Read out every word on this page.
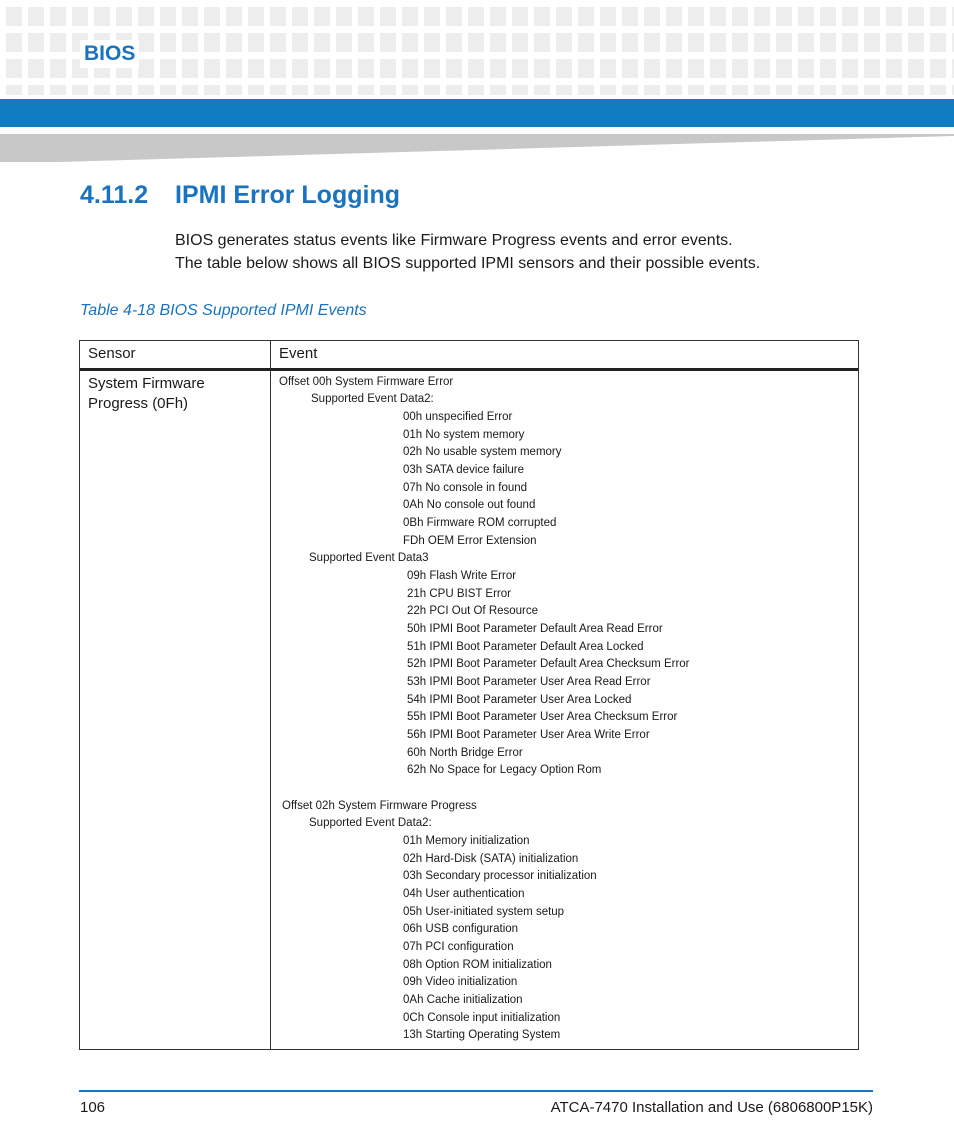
BIOS
4.11.2 IPMI Error Logging

BIOS generates status events like Firmware Progress events and error events.

The table below shows all BIOS supported IPMI sensors and their possible events.

Table 4-18 BIOS Supported IPMI Events
Sensor	Event
System Firmware
Progress (0Fh)
Offset 00h System Firmware Error
Supported Event Data2:
00h unspecified Error
01h No system memory
02h No usable system memory
03h SATA device failure
07h No console in found
0Ah No console out found
0Bh Firmware ROM corrupted
FDh OEM Error Extension
Supported Event Data3
09h Flash Write Error
21h CPU BIST Error
22h PCI Out Of Resource
50h IPMI Boot Parameter Default Area Read Error
51h IPMI Boot Parameter Default Area Locked
52h IPMI Boot Parameter Default Area Checksum Error
53h IPMI Boot Parameter User Area Read Error
54h IPMI Boot Parameter User Area Locked
55h IPMI Boot Parameter User Area Checksum Error
56h IPMI Boot Parameter User Area Write Error
60h North Bridge Error
62h No Space for Legacy Option Rom
Offset 02h System Firmware Progress
Supported Event Data2:
01h Memory initialization
02h Hard-Disk (SATA) initialization
03h Secondary processor initialization
04h User authentication
05h User-initiated system setup
06h USB configuration
07h PCI configuration
08h Option ROM initialization
09h Video initialization
0Ah Cache initialization
0Ch Console input initialization
13h Starting Operating System
106	ATCA-7470 Installation and Use (6806800P15K)
